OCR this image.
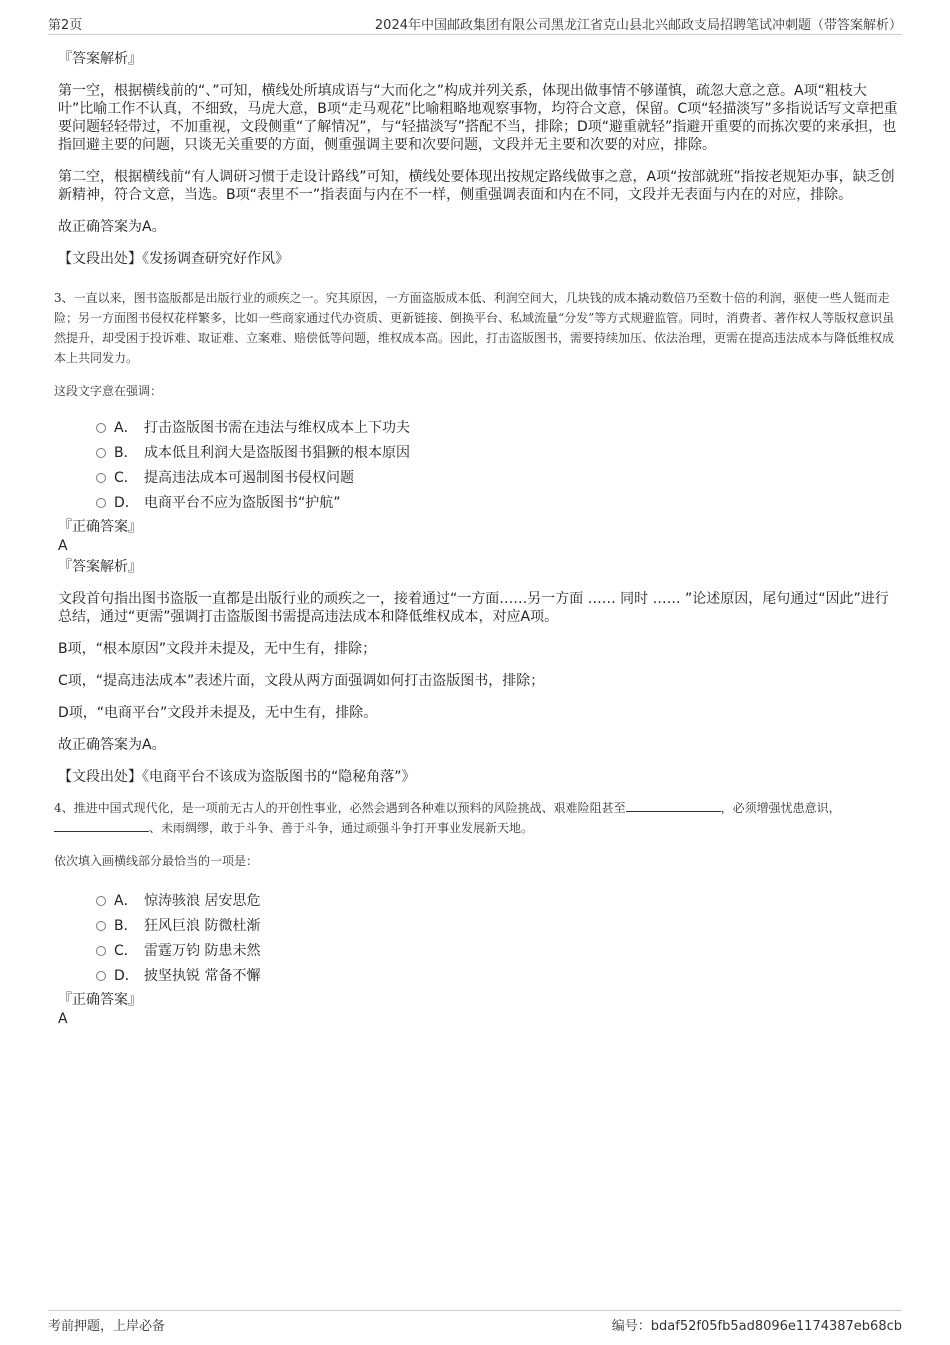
第2页	2024年中国邮政集团有限公司黑龙江省克山县北兴邮政支局招聘笔试冲刺题（带答案解析）

『答案解析』

第一空，根据横线前的“、”可知，横线处所填成语与“大而化之”构成并列关系，体现出做事情不够谨慎，疏忽大意之意。A项“粗枝大叶”比喻工作不认真，不细致，马虎大意，B项“走马观花”比喻粗略地观察事物，均符合文意，保留。C项“轻描淡写”多指说话写文章把重要问题轻轻带过，不加重视，文段侧重“了解情况”，与“轻描淡写”搭配不当，排除；D项“避重就轻”指避开重要的而拣次要的来承担，也指回避主要的问题，只谈无关重要的方面，侧重强调主要和次要问题，文段并无主要和次要的对应，排除。

第二空，根据横线前“有人调研习惯于走设计路线”可知，横线处要体现出按规定路线做事之意，A项“按部就班”指按老规矩办事，缺乏创新精神，符合文意，当选。B项“表里不一”指表面与内在不一样，侧重强调表面和内在不同，文段并无表面与内在的对应，排除。

故正确答案为A。

【文段出处】《发扬调查研究好作风》

3、一直以来，图书盗版都是出版行业的顽疾之一。究其原因，一方面盗版成本低、利润空间大，几块钱的成本撬动数倍乃至数十倍的利润，驱使一些人铤而走险；另一方面图书侵权花样繁多，比如一些商家通过代办资质、更新链接、倒换平台、私域流量“分发”等方式规避监管。同时，消费者、著作权人等版权意识虽然提升，却受困于投诉难、取证难、立案难、赔偿低等问题，维权成本高。因此，打击盗版图书，需要持续加压、依法治理，更需在提高违法成本与降低维权成本上共同发力。

这段文字意在强调：

A． 打击盗版图书需在违法与维权成本上下功夫
B． 成本低且利润大是盗版图书猖獗的根本原因
C． 提高违法成本可遏制图书侵权问题
D． 电商平台不应为盗版图书“护航”

『正确答案』

A

『答案解析』

文段首句指出图书盗版一直都是出版行业的顽疾之一，接着通过“一方面……另一方面 …… 同时 …… ”论述原因，尾句通过“因此”进行总结，通过“更需”强调打击盗版图书需提高违法成本和降低维权成本，对应A项。

B项，“根本原因”文段并未提及，无中生有，排除；

C项，“提高违法成本”表述片面，文段从两方面强调如何打击盗版图书，排除；

D项，“电商平台”文段并未提及，无中生有，排除。

故正确答案为A。

【文段出处】《电商平台不该成为盗版图书的“隐秘角落”》

4、推进中国式现代化，是一项前无古人的开创性事业，必然会遇到各种难以预料的风险挑战、艰难险阻甚至	，必须增强忧患意识，、未雨绸缪，敢于斗争、善于斗争，通过顽强斗争打开事业发展新天地。

依次填入画横线部分最恰当的一项是：

A． 惊涛骇浪 居安思危
B． 狂风巨浪 防微杜渐
C． 雷霆万钧 防患未然
D． 披坚执锐 常备不懈

『正确答案』

A

考前押题，上岸必备	编号：bdaf52f05fb5ad8096e1174387eb68cb
